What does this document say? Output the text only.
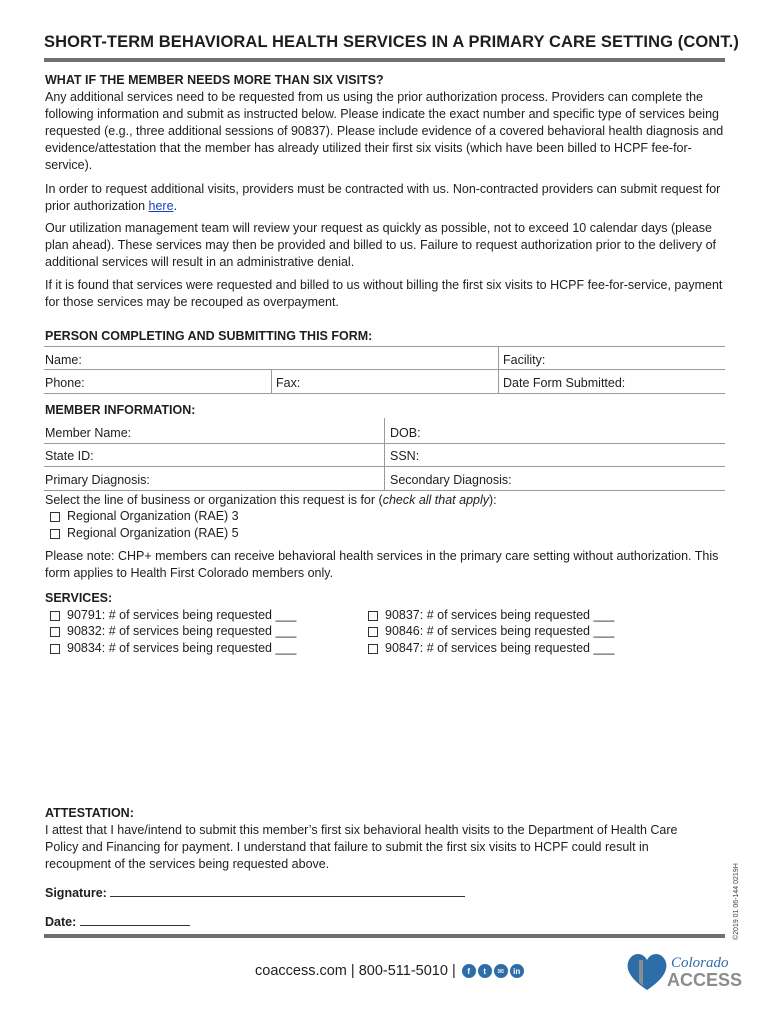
SHORT-TERM BEHAVIORAL HEALTH SERVICES IN A PRIMARY CARE SETTING (CONT.)
WHAT IF THE MEMBER NEEDS MORE THAN SIX VISITS?
Any additional services need to be requested from us using the prior authorization process. Providers can complete the following information and submit as instructed below. Please indicate the exact number and specific type of services being requested (e.g., three additional sessions of 90837). Please include evidence of a covered behavioral health diagnosis and evidence/attestation that the member has already utilized their first six visits (which have been billed to HCPF fee-for-service).
In order to request additional visits, providers must be contracted with us. Non-contracted providers can submit request for prior authorization here.
Our utilization management team will review your request as quickly as possible, not to exceed 10 calendar days (please plan ahead). These services may then be provided and billed to us. Failure to request authorization prior to the delivery of additional services will result in an administrative denial.
If it is found that services were requested and billed to us without billing the first six visits to HCPF fee-for-service, payment for those services may be recouped as overpayment.
PERSON COMPLETING AND SUBMITTING THIS FORM:
Name:	Facility:
Phone:	Fax:	Date Form Submitted:
MEMBER INFORMATION:
Member Name:	DOB:
State ID:	SSN:
Primary Diagnosis:	Secondary Diagnosis:
Select the line of business or organization this request is for (check all that apply):
Regional Organization (RAE) 3
Regional Organization (RAE) 5
Please note: CHP+ members can receive behavioral health services in the primary care setting without authorization. This form applies to Health First Colorado members only.
SERVICES:
90791: # of services being requested ___
90832: # of services being requested ___
90834: # of services being requested ___
90837: # of services being requested ___
90846: # of services being requested ___
90847: # of services being requested ___
ATTESTATION:
I attest that I have/intend to submit this member’s first six behavioral health visits to the Department of Health Care Policy and Financing for payment. I understand that failure to submit the first six visits to HCPF could result in recoupment of the services being requested above.
Signature:
Date:	©2019 01 06-144 0219H
coaccess.com | 800-511-5010 |	f	t	✉	in	Colorado
ACCESS
